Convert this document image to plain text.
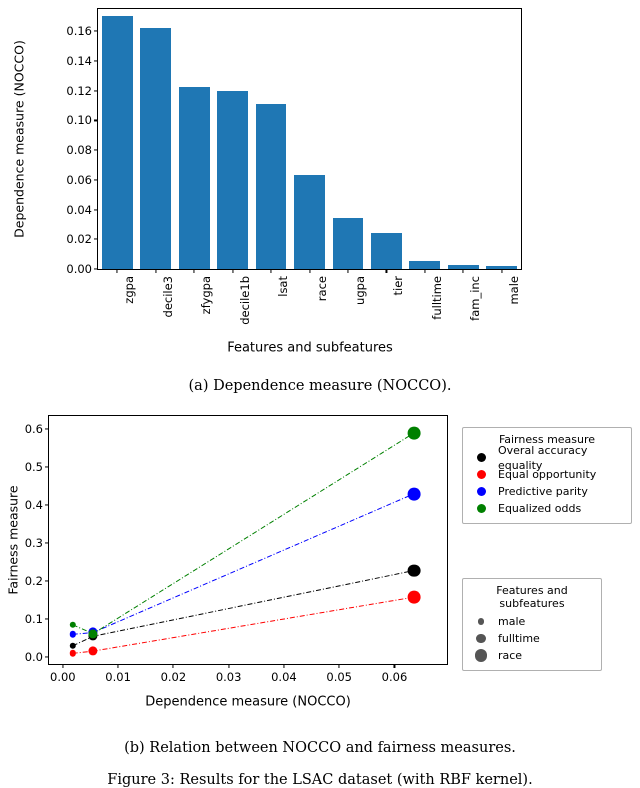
Dependence measure (NOCCO)
0.00
0.02
0.04
0.06
0.08
0.10
0.12
0.14
0.16
zgpa decile3 zfygpa decile1b lsat race ugpa tier fulltime fam_inc male
Features and subfeatures
(a) Dependence measure (NOCCO).
Fairness measure
0.0
0.1
0.2
0.3
0.4
0.5
0.6
0.00	0.01	0.02	0.03	0.04	0.05	0.06
Dependence measure (NOCCO)
Fairness measure
Overal accuracy equality
Equal opportunity
Predictive parity
Equalized odds
Features and subfeatures
male
fulltime
race
(b) Relation between NOCCO and fairness measures.
Figure 3: Results for the LSAC dataset (with RBF kernel).
